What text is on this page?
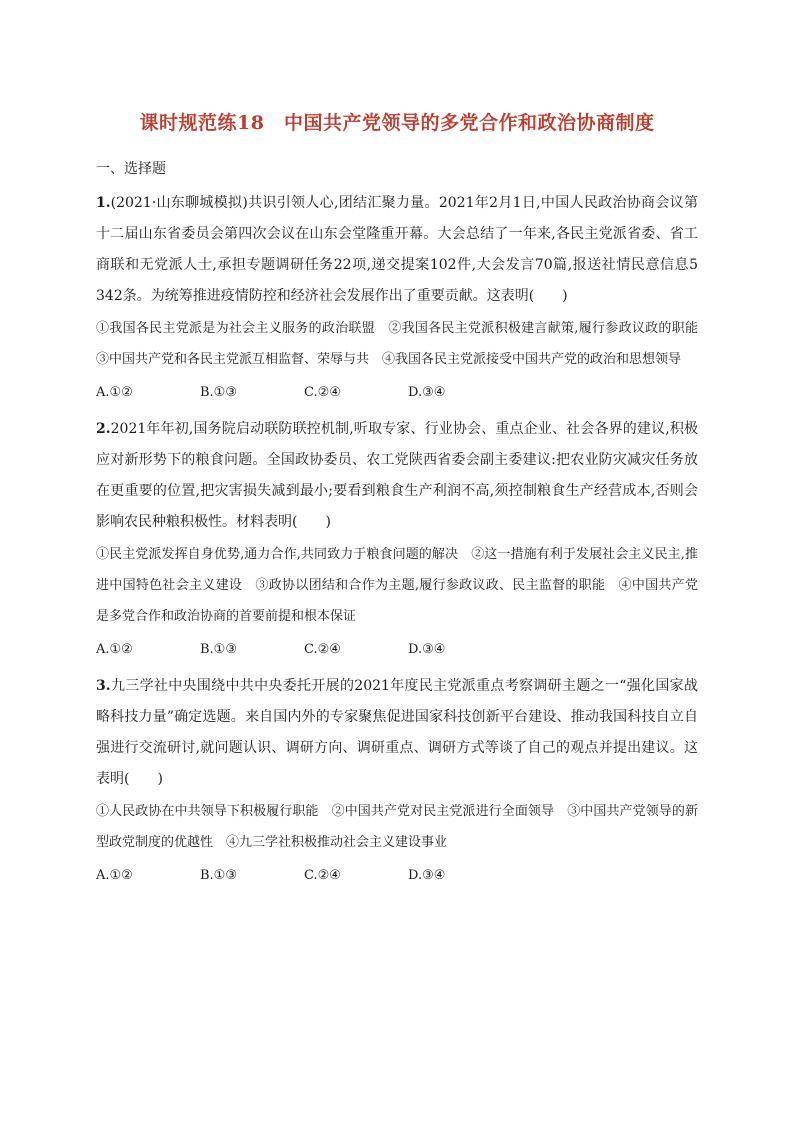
课时规范练18　中国共产党领导的多党合作和政治协商制度
一、选择题
1.(2021·山东聊城模拟)共识引领人心,团结汇聚力量。2021年2月1日,中国人民政治协商会议第十二届山东省委员会第四次会议在山东会堂隆重开幕。大会总结了一年来,各民主党派省委、省工商联和无党派人士,承担专题调研任务22项,递交提案102件,大会发言70篇,报送社情民意信息5 342条。为统筹推进疫情防控和经济社会发展作出了重要贡献。这表明(　　)
①我国各民主党派是为社会主义服务的政治联盟　②我国各民主党派积极建言献策,履行参政议政的职能　③中国共产党和各民主党派互相监督、荣辱与共　④我国各民主党派接受中国共产党的政治和思想领导
A.①②	B.①③	C.②④	D.③④
2.2021年年初,国务院启动联防联控机制,听取专家、行业协会、重点企业、社会各界的建议,积极应对新形势下的粮食问题。全国政协委员、农工党陕西省委会副主委建议:把农业防灾减灾任务放在更重要的位置,把灾害损失减到最小;要看到粮食生产利润不高,须控制粮食生产经营成本,否则会影响农民种粮积极性。材料表明(　　)
①民主党派发挥自身优势,通力合作,共同致力于粮食问题的解决　②这一措施有利于发展社会主义民主,推进中国特色社会主义建设　③政协以团结和合作为主题,履行参政议政、民主监督的职能　④中国共产党是多党合作和政治协商的首要前提和根本保证
A.①②	B.①③	C.②④	D.③④
3.九三学社中央围绕中共中央委托开展的2021年度民主党派重点考察调研主题之一“强化国家战略科技力量”确定选题。来自国内外的专家聚焦促进国家科技创新平台建设、推动我国科技自立自强进行交流研讨,就问题认识、调研方向、调研重点、调研方式等谈了自己的观点并提出建议。这表明(　　)
①人民政协在中共领导下积极履行职能　②中国共产党对民主党派进行全面领导　③中国共产党领导的新型政党制度的优越性　④九三学社积极推动社会主义建设事业
A.①②	B.①③	C.②④	D.③④
